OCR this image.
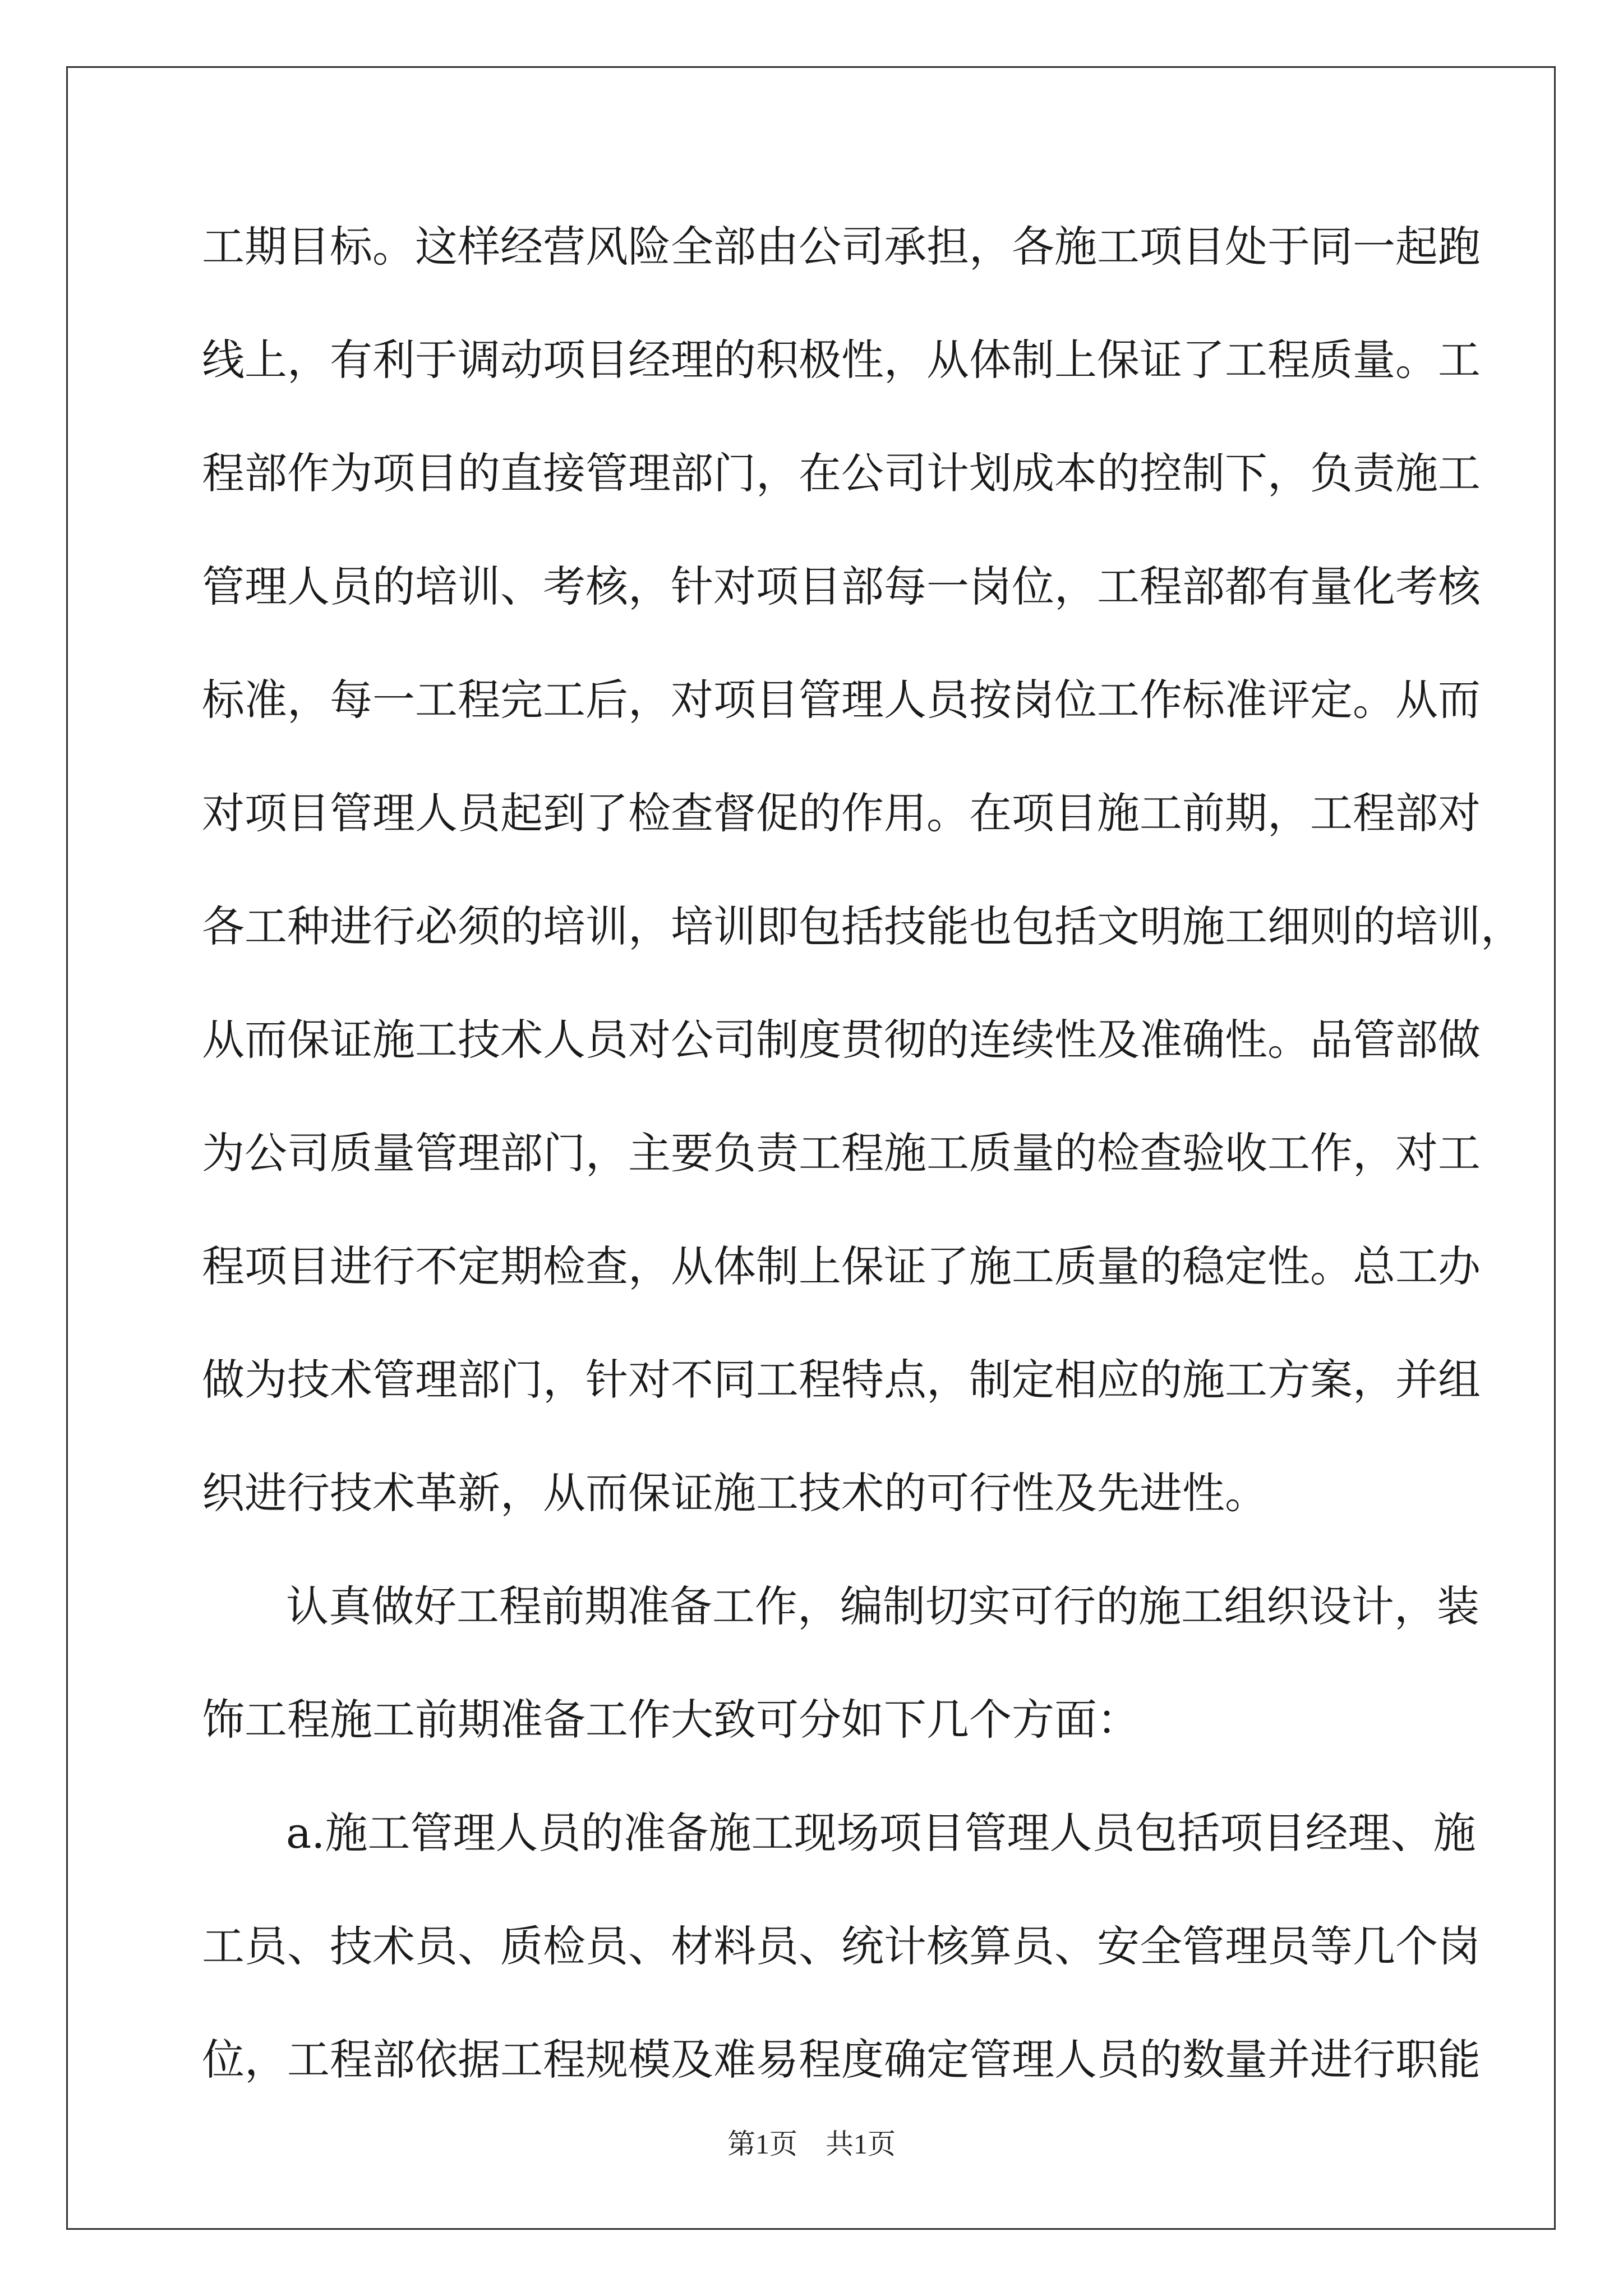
工期目标。这样经营风险全部由公司承担，各施工项目处于同一起跑
线上，有利于调动项目经理的积极性，从体制上保证了工程质量。工
程部作为项目的直接管理部门，在公司计划成本的控制下，负责施工
管理人员的培训、考核，针对项目部每一岗位，工程部都有量化考核
标准，每一工程完工后，对项目管理人员按岗位工作标准评定。从而
对项目管理人员起到了检查督促的作用。在项目施工前期，工程部对
各工种进行必须的培训，培训即包括技能也包括文明施工细则的培训，
从而保证施工技术人员对公司制度贯彻的连续性及准确性。品管部做
为公司质量管理部门，主要负责工程施工质量的检查验收工作，对工
程项目进行不定期检查，从体制上保证了施工质量的稳定性。总工办
做为技术管理部门，针对不同工程特点，制定相应的施工方案，并组
织进行技术革新，从而保证施工技术的可行性及先进性。
认真做好工程前期准备工作，编制切实可行的施工组织设计，装
饰工程施工前期准备工作大致可分如下几个方面：
a.施工管理人员的准备施工现场项目管理人员包括项目经理、施
工员、技术员、质检员、材料员、统计核算员、安全管理员等几个岗
位，工程部依据工程规模及难易程度确定管理人员的数量并进行职能
第1页　共1页
